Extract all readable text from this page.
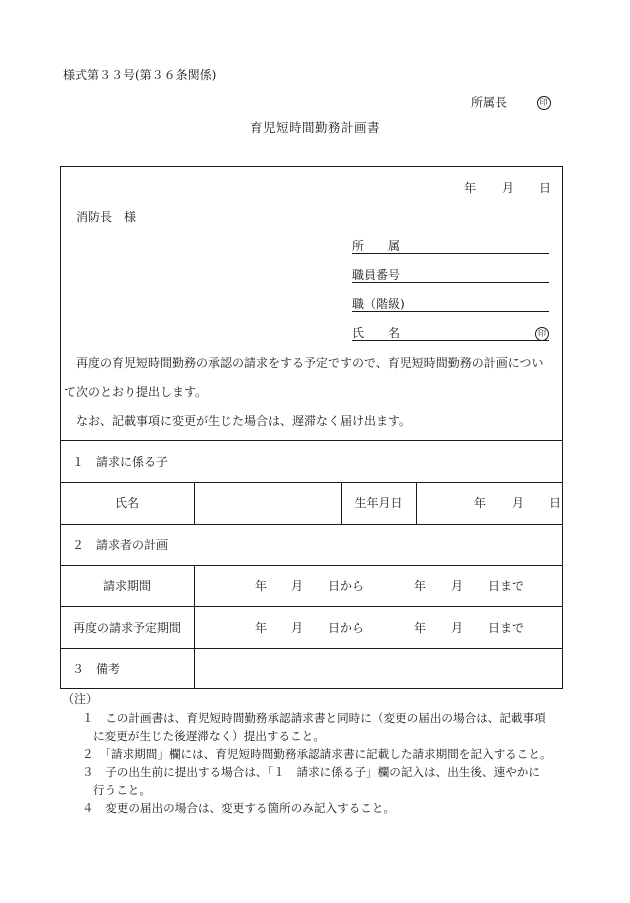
様式第３３号(第３６条関係)
所属長	印
育児短時間勤務計画書
年 月 日
消防長　様
所　　属
職員番号
職（階級)
氏　　名	印
再度の育児短時間勤務の承認の請求をする予定ですので、育児短時間勤務の計画につい
て次のとおり提出します。
なお、記載事項に変更が生じた場合は、遅滞なく届け出ます。
１　請求に係る子
氏名	生年月日	年 月 日
２　請求者の計画
請求期間	年 月 日から	年 月 日まで
再度の請求予定期間	年 月 日から	年 月 日まで
３　備考
（注）
１　この計画書は、育児短時間勤務承認請求書と同時に（変更の届出の場合は、記載事項
に変更が生じた後遅滞なく）提出すること。
２　「請求期間」欄には、育児短時間勤務承認請求書に記載した請求期間を記入すること。
３　子の出生前に提出する場合は、「１　請求に係る子」欄の記入は、出生後、速やかに
行うこと。
４　変更の届出の場合は、変更する箇所のみ記入すること。
